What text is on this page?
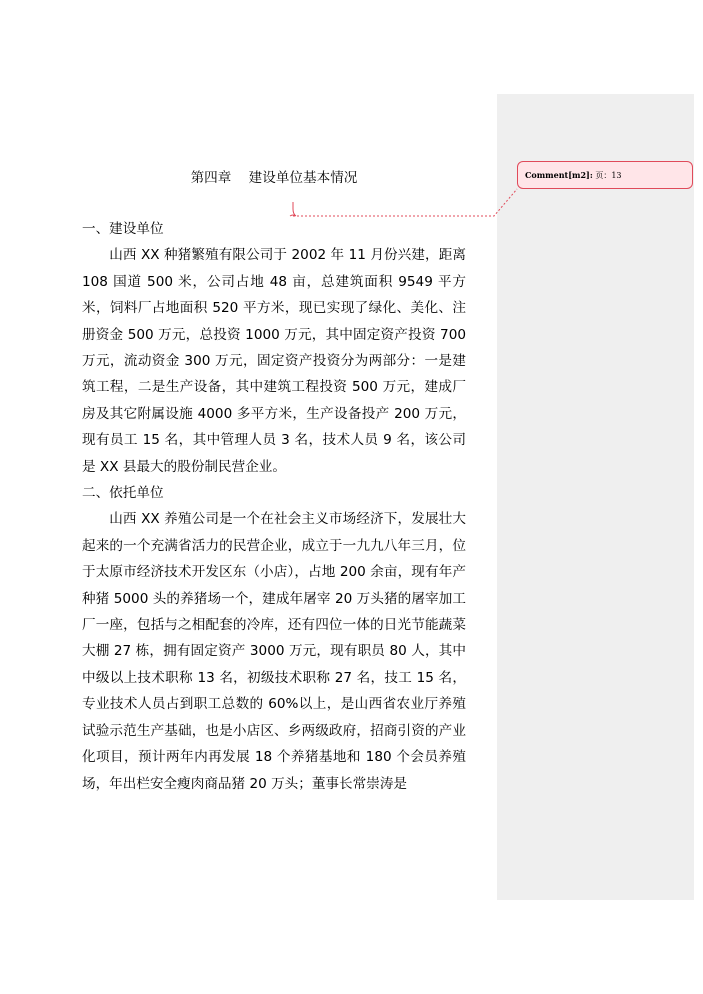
Comment[m2]: 页：13
第四章    建设单位基本情况
一、建设单位
山西 XX 种猪繁殖有限公司于 2002 年 11 月份兴建，距离 108 国道 500 米，公司占地 48 亩，总建筑面积 9549 平方米，饲料厂占地面积 520 平方米，现已实现了绿化、美化、注册资金 500 万元，总投资 1000 万元，其中固定资产投资 700 万元，流动资金 300 万元，固定资产投资分为两部分：一是建筑工程，二是生产设备，其中建筑工程投资 500 万元，建成厂房及其它附属设施 4000 多平方米，生产设备投产 200 万元，现有员工 15 名，其中管理人员 3 名，技术人员 9 名，该公司是 XX 县最大的股份制民营企业。
二、依托单位
山西 XX 养殖公司是一个在社会主义市场经济下，发展壮大起来的一个充满省活力的民营企业，成立于一九九八年三月，位于太原市经济技术开发区东（小店），占地 200 余亩，现有年产种猪 5000 头的养猪场一个，建成年屠宰 20 万头猪的屠宰加工厂一座，包括与之相配套的冷库，还有四位一体的日光节能蔬菜大棚 27 栋，拥有固定资产 3000 万元，现有职员 80 人，其中中级以上技术职称 13 名，初级技术职称 27 名，技工 15 名，专业技术人员占到职工总数的 60%以上，是山西省农业厅养殖试验示范生产基础，也是小店区、乡两级政府，招商引资的产业化项目，预计两年内再发展 18 个养猪基地和 180 个会员养殖场，年出栏安全瘦肉商品猪 20 万头；董事长常崇涛是
